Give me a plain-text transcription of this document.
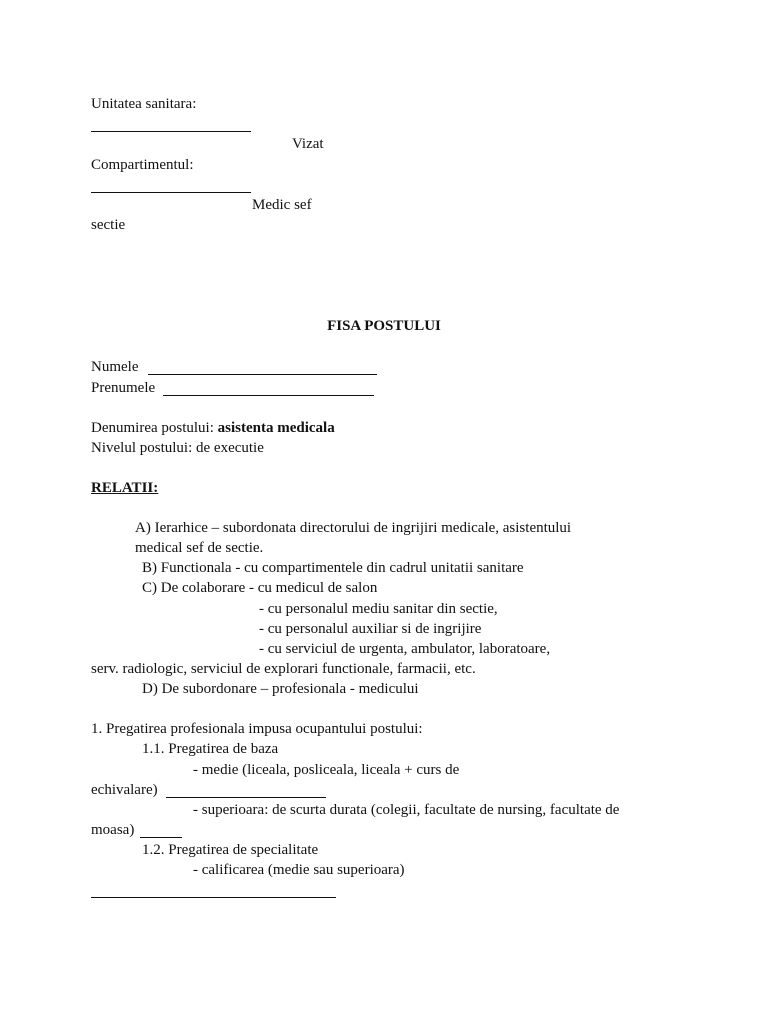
Unitatea sanitara:
Vizat
Compartimentul:
Medic sef
sectie
FISA POSTULUI
Numele
Prenumele
Denumirea postului: asistenta medicala
Nivelul postului: de executie
RELATII:
A) Ierarhice – subordonata directorului de ingrijiri medicale, asistentului
medical sef de sectie.
B) Functionala - cu compartimentele din cadrul unitatii sanitare
C) De colaborare - cu medicul de salon
- cu personalul mediu sanitar din sectie,
- cu personalul auxiliar si de ingrijire
- cu serviciul de urgenta, ambulator, laboratoare,
serv. radiologic, serviciul de explorari functionale, farmacii, etc.
D) De subordonare – profesionala - medicului
1. Pregatirea profesionala impusa ocupantului postului:
1.1. Pregatirea de baza
- medie (liceala, posliceala, liceala + curs de
echivalare)
- superioara: de scurta durata (colegii, facultate de nursing, facultate de
moasa)
1.2. Pregatirea de specialitate
- calificarea (medie sau superioara)
